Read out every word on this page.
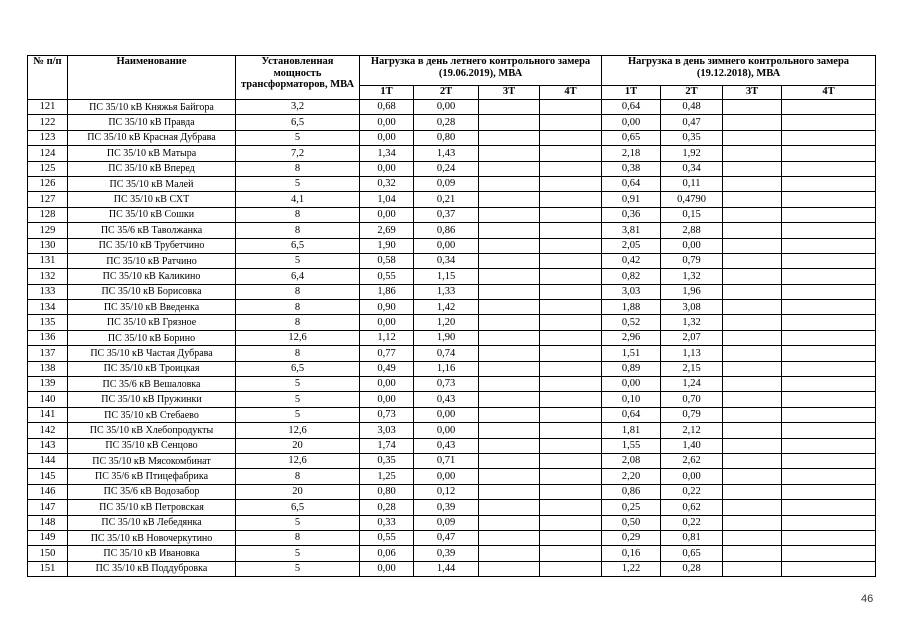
№ п/п	Наименование	Установленная мощность трансформаторов, МВА	Нагрузка в день летнего контрольного замера (19.06.2019), МВА				Нагрузка в день зимнего контрольного замера (19.12.2018), МВА			
			1Т	2Т	3Т	4Т	1Т	2Т	3Т	4Т
121	ПС 35/10 кВ Княжья Байгора	3,2	0,68	0,00			0,64	0,48		
122	ПС 35/10 кВ Правда	6,5	0,00	0,28			0,00	0,47		
123	ПС 35/10 кВ Красная Дубрава	5	0,00	0,80			0,65	0,35		
124	ПС 35/10 кВ Матыра	7,2	1,34	1,43			2,18	1,92		
125	ПС 35/10 кВ Вперед	8	0,00	0,24			0,38	0,34		
126	ПС 35/10 кВ Малей	5	0,32	0,09			0,64	0,11		
127	ПС 35/10 кВ СХТ	4,1	1,04	0,21			0,91	0,4790		
128	ПС 35/10 кВ Сошки	8	0,00	0,37			0,36	0,15		
129	ПС 35/6 кВ Таволжанка	8	2,69	0,86			3,81	2,88		
130	ПС 35/10 кВ Трубетчино	6,5	1,90	0,00			2,05	0,00		
131	ПС 35/10 кВ Ратчино	5	0,58	0,34			0,42	0,79		
132	ПС 35/10 кВ Каликино	6,4	0,55	1,15			0,82	1,32		
133	ПС 35/10 кВ Борисовка	8	1,86	1,33			3,03	1,96		
134	ПС 35/10 кВ Введенка	8	0,90	1,42			1,88	3,08		
135	ПС 35/10 кВ Грязное	8	0,00	1,20			0,52	1,32		
136	ПС 35/10 кВ Борино	12,6	1,12	1,90			2,96	2,07		
137	ПС 35/10 кВ Частая Дубрава	8	0,77	0,74			1,51	1,13		
138	ПС 35/10 кВ Троицкая	6,5	0,49	1,16			0,89	2,15		
139	ПС 35/6 кВ Вешаловка	5	0,00	0,73			0,00	1,24		
140	ПС 35/10 кВ Пружинки	5	0,00	0,43			0,10	0,70		
141	ПС 35/10 кВ Стебаево	5	0,73	0,00			0,64	0,79		
142	ПС 35/10 кВ Хлебопродукты	12,6	3,03	0,00			1,81	2,12		
143	ПС 35/10 кВ Сенцово	20	1,74	0,43			1,55	1,40		
144	ПС 35/10 кВ Мясокомбинат	12,6	0,35	0,71			2,08	2,62		
145	ПС 35/6 кВ Птицефабрика	8	1,25	0,00			2,20	0,00		
146	ПС 35/6 кВ Водозабор	20	0,80	0,12			0,86	0,22		
147	ПС 35/10 кВ Петровская	6,5	0,28	0,39			0,25	0,62		
148	ПС 35/10 кВ Лебедянка	5	0,33	0,09			0,50	0,22		
149	ПС 35/10 кВ Новочеркутино	8	0,55	0,47			0,29	0,81		
150	ПС 35/10 кВ Ивановка	5	0,06	0,39			0,16	0,65		
151	ПС 35/10 кВ Поддубровка	5	0,00	1,44			1,22	0,28		
46
